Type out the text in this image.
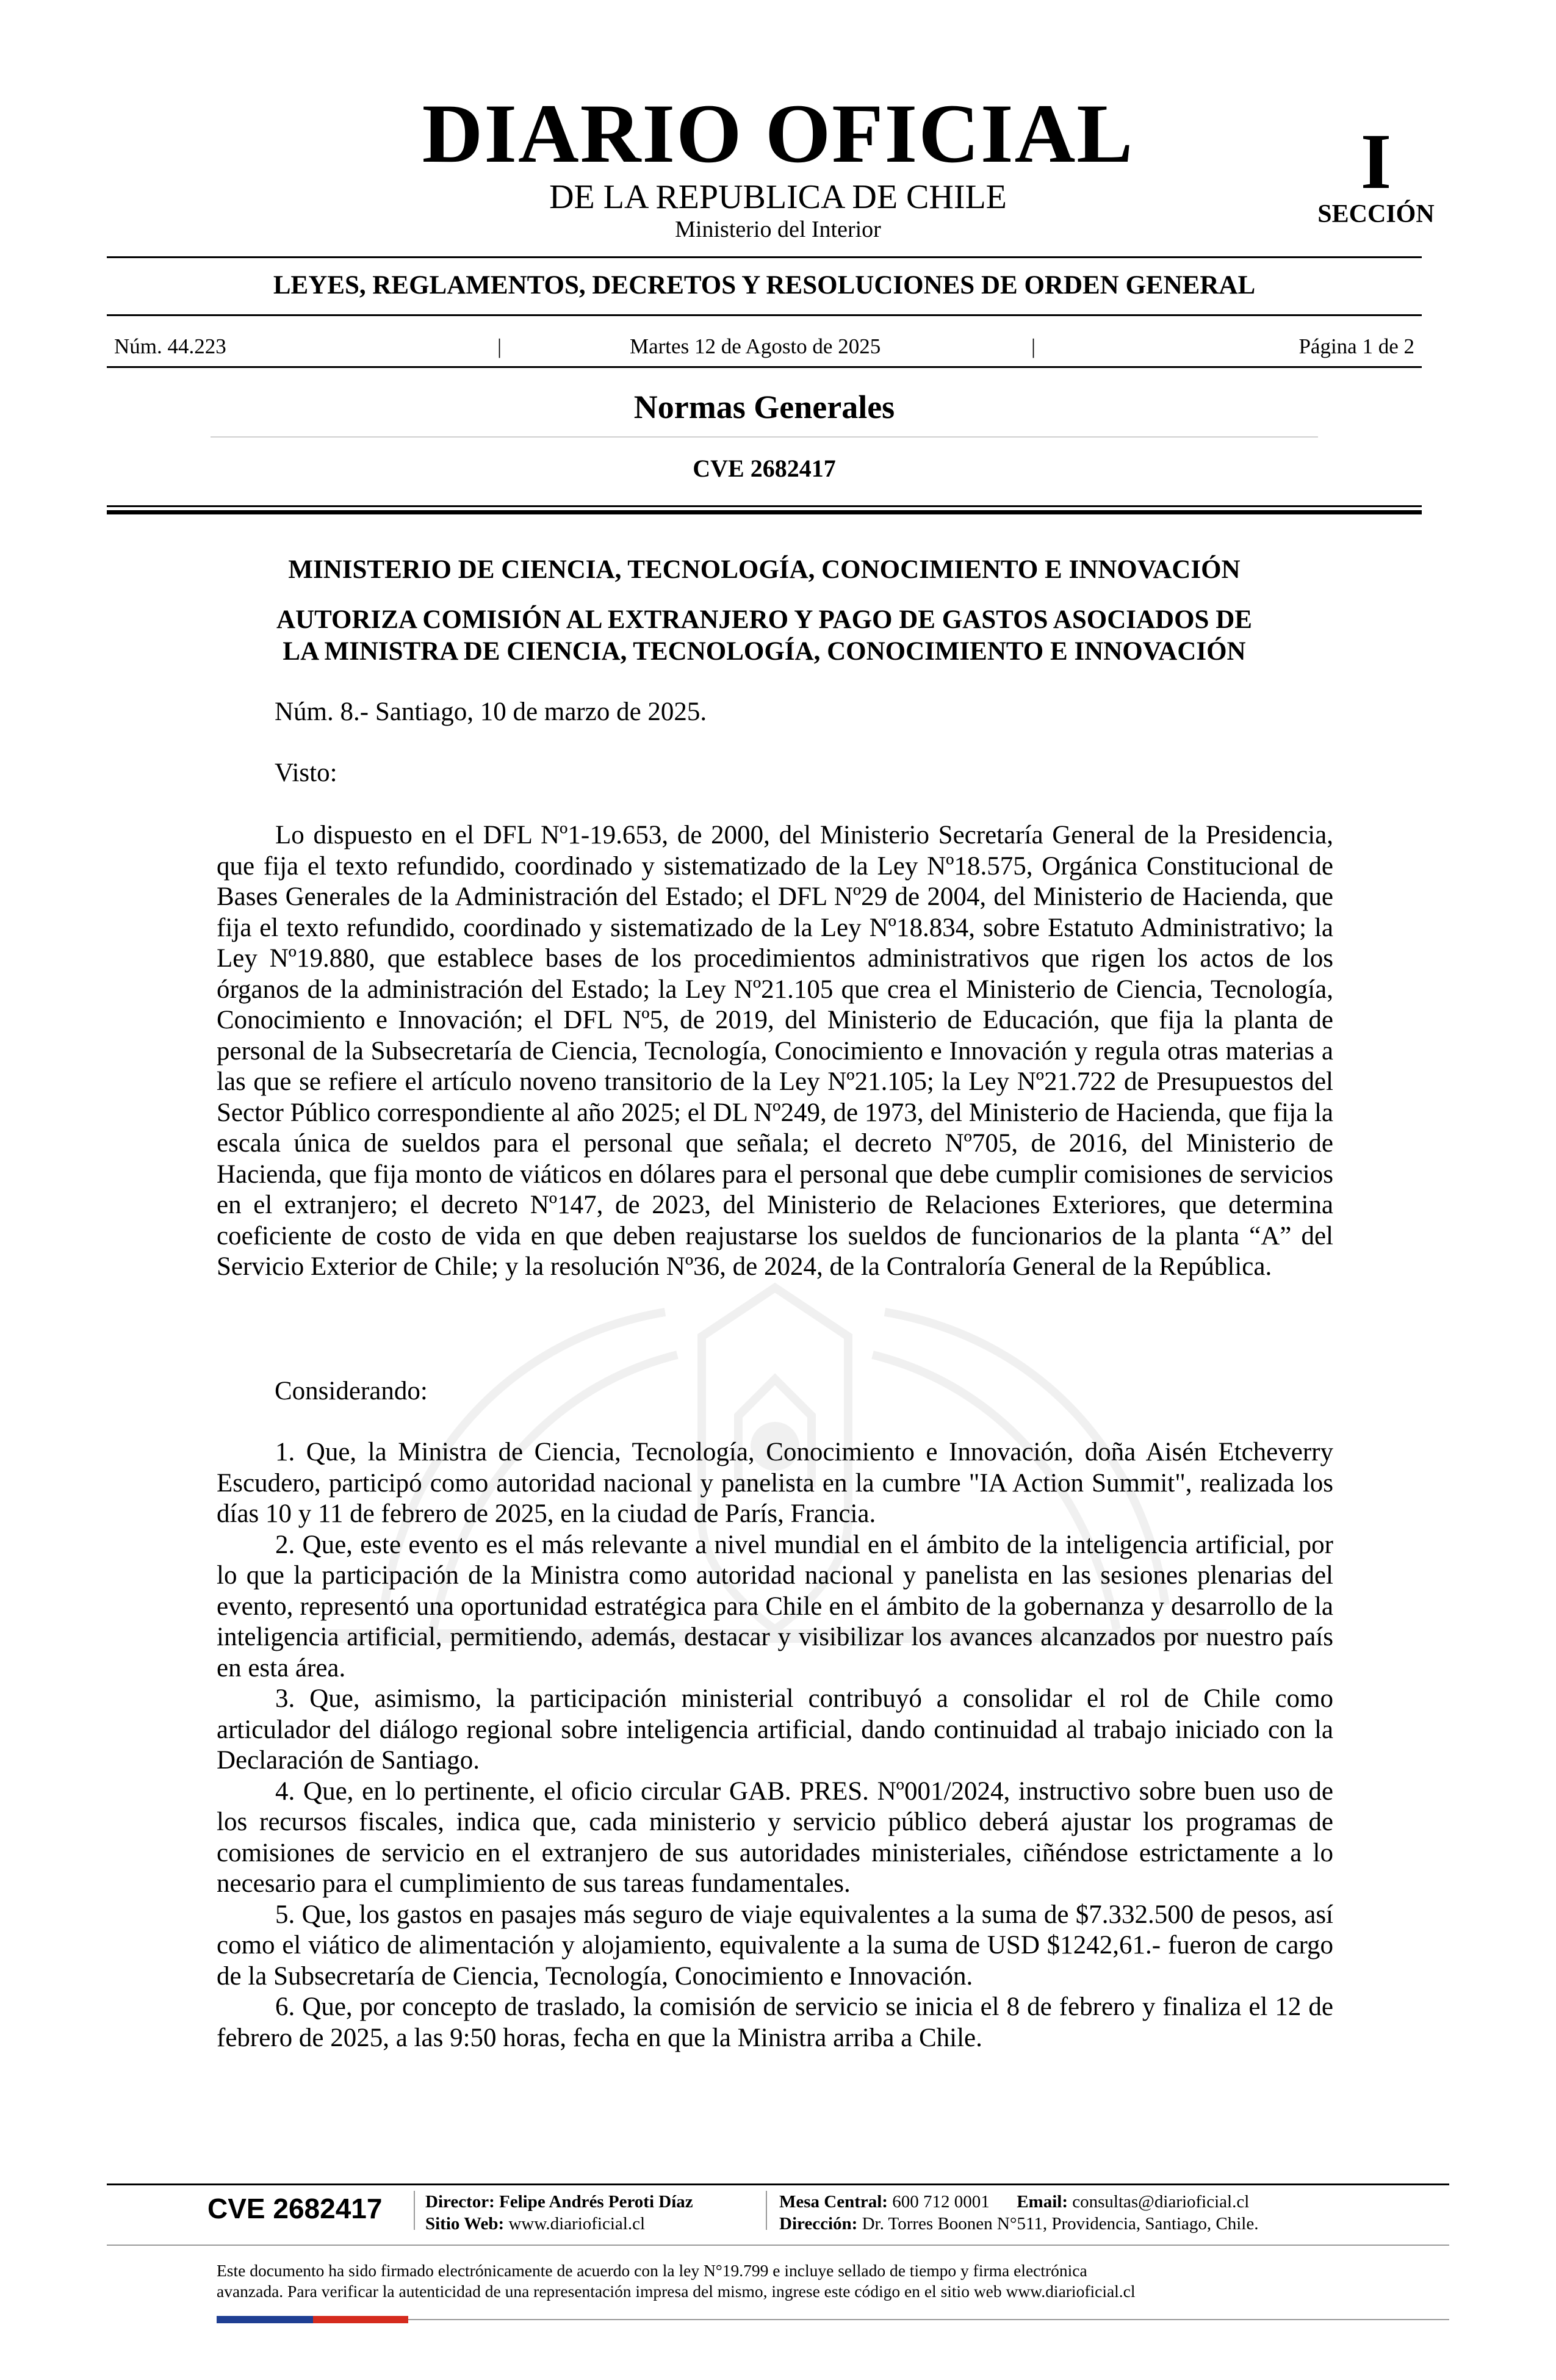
DIARIO OFICIAL
DE LA REPUBLICA DE CHILE
Ministerio del Interior
I
SECCIÓN
LEYES, REGLAMENTOS, DECRETOS Y RESOLUCIONES DE ORDEN GENERAL
Núm. 44.223	|	Martes 12 de Agosto de 2025	|	Página 1 de 2
Normas Generales
CVE 2682417
MINISTERIO DE CIENCIA, TECNOLOGÍA, CONOCIMIENTO E INNOVACIÓN
AUTORIZA COMISIÓN AL EXTRANJERO Y PAGO DE GASTOS ASOCIADOS DE
LA MINISTRA DE CIENCIA, TECNOLOGÍA, CONOCIMIENTO E INNOVACIÓN
Núm. 8.- Santiago, 10 de marzo de 2025.
Visto:

Lo dispuesto en el DFL Nº1-19.653, de 2000, del Ministerio Secretaría General de la Presidencia, que fija el texto refundido, coordinado y sistematizado de la Ley Nº18.575, Orgánica Constitucional de Bases Generales de la Administración del Estado; el DFL Nº29 de 2004, del Ministerio de Hacienda, que fija el texto refundido, coordinado y sistematizado de la Ley Nº18.834, sobre Estatuto Administrativo; la Ley Nº19.880, que establece bases de los procedimientos administrativos que rigen los actos de los órganos de la administración del Estado; la Ley Nº21.105 que crea el Ministerio de Ciencia, Tecnología, Conocimiento e Innovación; el DFL Nº5, de 2019, del Ministerio de Educación, que fija la planta de personal de la Subsecretaría de Ciencia, Tecnología, Conocimiento e Innovación y regula otras materias a las que se refiere el artículo noveno transitorio de la Ley Nº21.105; la Ley Nº21.722 de Presupuestos del Sector Público correspondiente al año 2025; el DL Nº249, de 1973, del Ministerio de Hacienda, que fija la escala única de sueldos para el personal que señala; el decreto Nº705, de 2016, del Ministerio de Hacienda, que fija monto de viáticos en dólares para el personal que debe cumplir comisiones de servicios en el extranjero; el decreto Nº147, de 2023, del Ministerio de Relaciones Exteriores, que determina coeficiente de costo de vida en que deben reajustarse los sueldos de funcionarios de la planta “A” del Servicio Exterior de Chile; y la resolución Nº36, de 2024, de la Contraloría General de la República.

Considerando:

1. Que, la Ministra de Ciencia, Tecnología, Conocimiento e Innovación, doña Aisén Etcheverry Escudero, participó como autoridad nacional y panelista en la cumbre "IA Action Summit", realizada los días 10 y 11 de febrero de 2025, en la ciudad de París, Francia.

2. Que, este evento es el más relevante a nivel mundial en el ámbito de la inteligencia artificial, por lo que la participación de la Ministra como autoridad nacional y panelista en las sesiones plenarias del evento, representó una oportunidad estratégica para Chile en el ámbito de la gobernanza y desarrollo de la inteligencia artificial, permitiendo, además, destacar y visibilizar los avances alcanzados por nuestro país en esta área.

3. Que, asimismo, la participación ministerial contribuyó a consolidar el rol de Chile como articulador del diálogo regional sobre inteligencia artificial, dando continuidad al trabajo iniciado con la Declaración de Santiago.

4. Que, en lo pertinente, el oficio circular GAB. PRES. Nº001/2024, instructivo sobre buen uso de los recursos fiscales, indica que, cada ministerio y servicio público deberá ajustar los programas de comisiones de servicio en el extranjero de sus autoridades ministeriales, ciñéndose estrictamente a lo necesario para el cumplimiento de sus tareas fundamentales.

5. Que, los gastos en pasajes más seguro de viaje equivalentes a la suma de $7.332.500 de pesos, así como el viático de alimentación y alojamiento, equivalente a la suma de USD $1242,61.- fueron de cargo de la Subsecretaría de Ciencia, Tecnología, Conocimiento e Innovación.

6. Que, por concepto de traslado, la comisión de servicio se inicia el 8 de febrero y finaliza el 12 de febrero de 2025, a las 9:50 horas, fecha en que la Ministra arriba a Chile.

CVE 2682417	Director: Felipe Andrés Peroti Díaz
Sitio Web: www.diarioficial.cl
Mesa Central: 600 712 0001 Email: consultas@diarioficial.cl
Dirección: Dr. Torres Boonen N°511, Providencia, Santiago, Chile.

Este documento ha sido firmado electrónicamente de acuerdo con la ley N°19.799 e incluye sellado de tiempo y firma electrónica

avanzada. Para verificar la autenticidad de una representación impresa del mismo, ingrese este código en el sitio web www.diarioficial.cl
